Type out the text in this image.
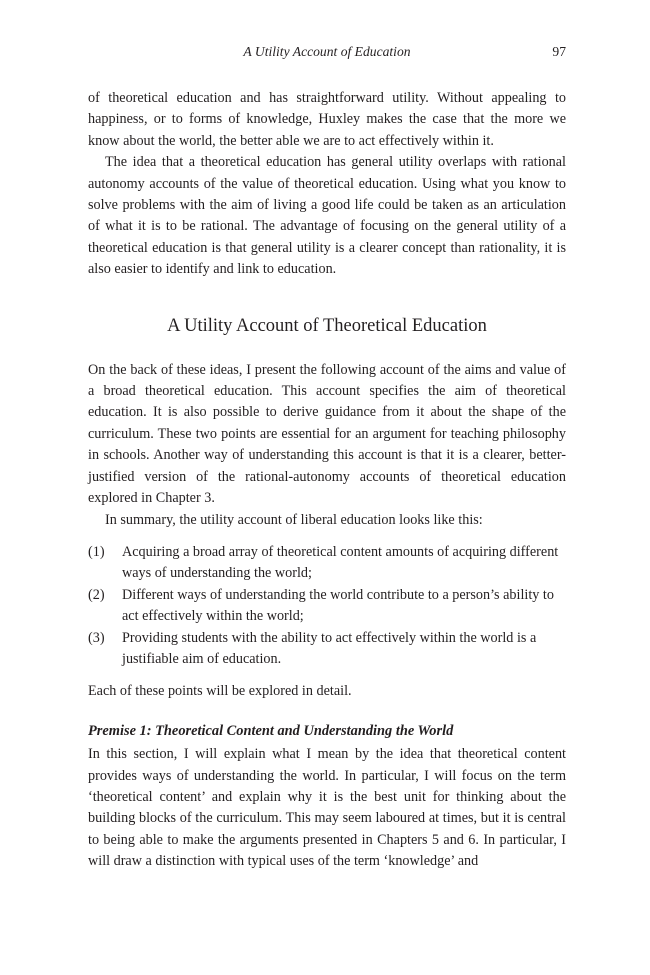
A Utility Account of Education	97

of theoretical education and has straightforward utility. Without appealing to happiness, or to forms of knowledge, Huxley makes the case that the more we know about the world, the better able we are to act effectively within it.

The idea that a theoretical education has general utility overlaps with rational autonomy accounts of the value of theoretical education. Using what you know to solve problems with the aim of living a good life could be taken as an articulation of what it is to be rational. The advantage of focusing on the general utility of a theoretical education is that general utility is a clearer concept than rationality, it is also easier to identify and link to education.

A Utility Account of Theoretical Education

On the back of these ideas, I present the following account of the aims and value of a broad theoretical education. This account specifies the aim of theoretical education. It is also possible to derive guidance from it about the shape of the curriculum. These two points are essential for an argument for teaching philosophy in schools. Another way of understanding this account is that it is a clearer, better-justified version of the rational-autonomy accounts of theoretical education explored in Chapter 3.

In summary, the utility account of liberal education looks like this:

(1) Acquiring a broad array of theoretical content amounts of acquiring different ways of understanding the world;
(2) Different ways of understanding the world contribute to a person’s ability to act effectively within the world;
(3) Providing students with the ability to act effectively within the world is a justifiable aim of education.

Each of these points will be explored in detail.

Premise 1: Theoretical Content and Understanding the World

In this section, I will explain what I mean by the idea that theoretical content provides ways of understanding the world. In particular, I will focus on the term ‘theoretical content’ and explain why it is the best unit for thinking about the building blocks of the curriculum. This may seem laboured at times, but it is central to being able to make the arguments presented in Chapters 5 and 6. In particular, I will draw a distinction with typical uses of the term ‘knowledge’ and
